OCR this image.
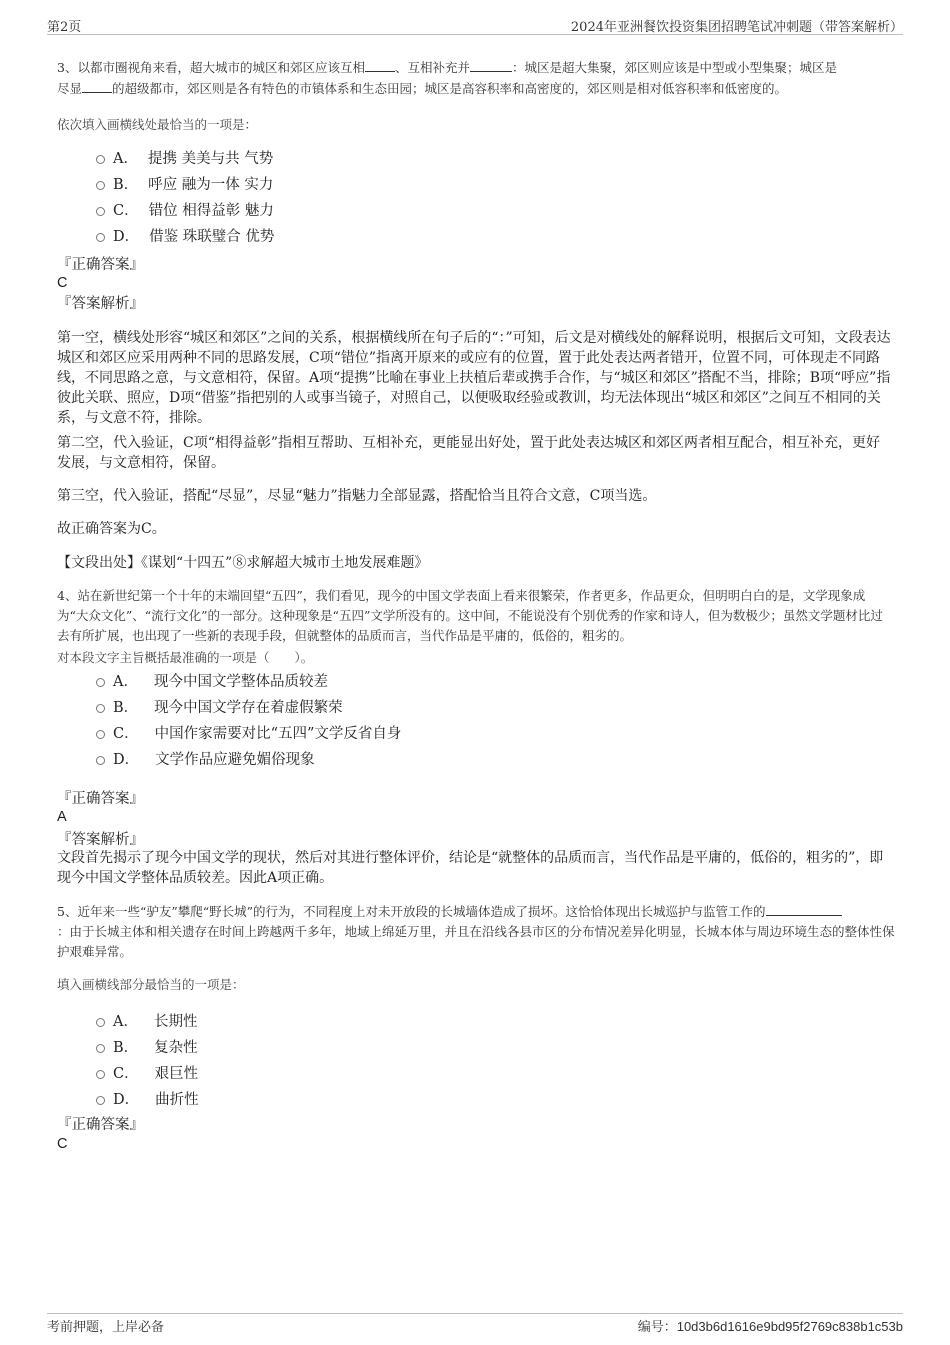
第2页	2024年亚洲餐饮投资集团招聘笔试冲刺题（带答案解析）
3、以都市圈视角来看，超大城市的城区和郊区应该互相 、互相补充并	：城区是超大集聚，郊区则应该是中型或小型集聚；城区是
尽显 的超级都市，郊区则是各有特色的市镇体系和生态田园；城区是高容积率和高密度的，郊区则是相对低容积率和低密度的。
依次填入画横线处最恰当的一项是：
A． 提携 美美与共 气势
B． 呼应 融为一体 实力
C． 错位 相得益彰 魅力
D． 借鉴 珠联璧合 优势
『正确答案』
C
『答案解析』
第一空，横线处形容“城区和郊区”之间的关系，根据横线所在句子后的“：”可知，后文是对横线处的解释说明，根据后文可知，文段表达城区和郊区应采用两种不同的思路发展，C项“错位”指离开原来的或应有的位置，置于此处表达两者错开，位置不同，可体现走不同路线，不同思路之意，与文意相符，保留。A项“提携”比喻在事业上扶植后辈或携手合作，与“城区和郊区”搭配不当，排除；B项“呼应”指彼此关联、照应，D项“借鉴”指把别的人或事当镜子，对照自己，以便吸取经验或教训，均无法体现出“城区和郊区”之间互不相同的关系，与文意不符，排除。
第二空，代入验证，C项“相得益彰”指相互帮助、互相补充，更能显出好处，置于此处表达城区和郊区两者相互配合，相互补充，更好发展，与文意相符，保留。
第三空，代入验证，搭配“尽显”，尽显“魅力”指魅力全部显露，搭配恰当且符合文意，C项当选。
故正确答案为C。
【文段出处】《谋划“十四五”⑧求解超大城市土地发展难题》
4、站在新世纪第一个十年的末端回望“五四”，我们看见，现今的中国文学表面上看来很繁荣，作者更多，作品更众，但明明白白的是，文学现象成为“大众文化”、“流行文化”的一部分。这种现象是“五四”文学所没有的。这中间，不能说没有个别优秀的作家和诗人，但为数极少；虽然文学题材比过去有所扩展，也出现了一些新的表现手段，但就整体的品质而言，当代作品是平庸的，低俗的，粗劣的。
对本段文字主旨概括最准确的一项是（　　）。
A． 现今中国文学整体品质较差
B． 现今中国文学存在着虚假繁荣
C． 中国作家需要对比“五四”文学反省自身
D． 文学作品应避免媚俗现象
『正确答案』
A
『答案解析』
文段首先揭示了现今中国文学的现状，然后对其进行整体评价，结论是“就整体的品质而言，当代作品是平庸的，低俗的，粗劣的”，即现今中国文学整体品质较差。因此A项正确。
5、近年来一些“驴友”攀爬“野长城”的行为，不同程度上对未开放段的长城墙体造成了损坏。这恰恰体现出长城巡护与监管工作的
：由于长城主体和相关遗存在时间上跨越两千多年，地域上绵延万里，并且在沿线各县市区的分布情况差异化明显，长城本体与周边环境生态的整体性保护艰难异常。
填入画横线部分最恰当的一项是：
A． 长期性
B． 复杂性
C． 艰巨性
D． 曲折性
『正确答案』
C
考前押题，上岸必备	编号：10d3b6d1616e9bd95f2769c838b1c53b
